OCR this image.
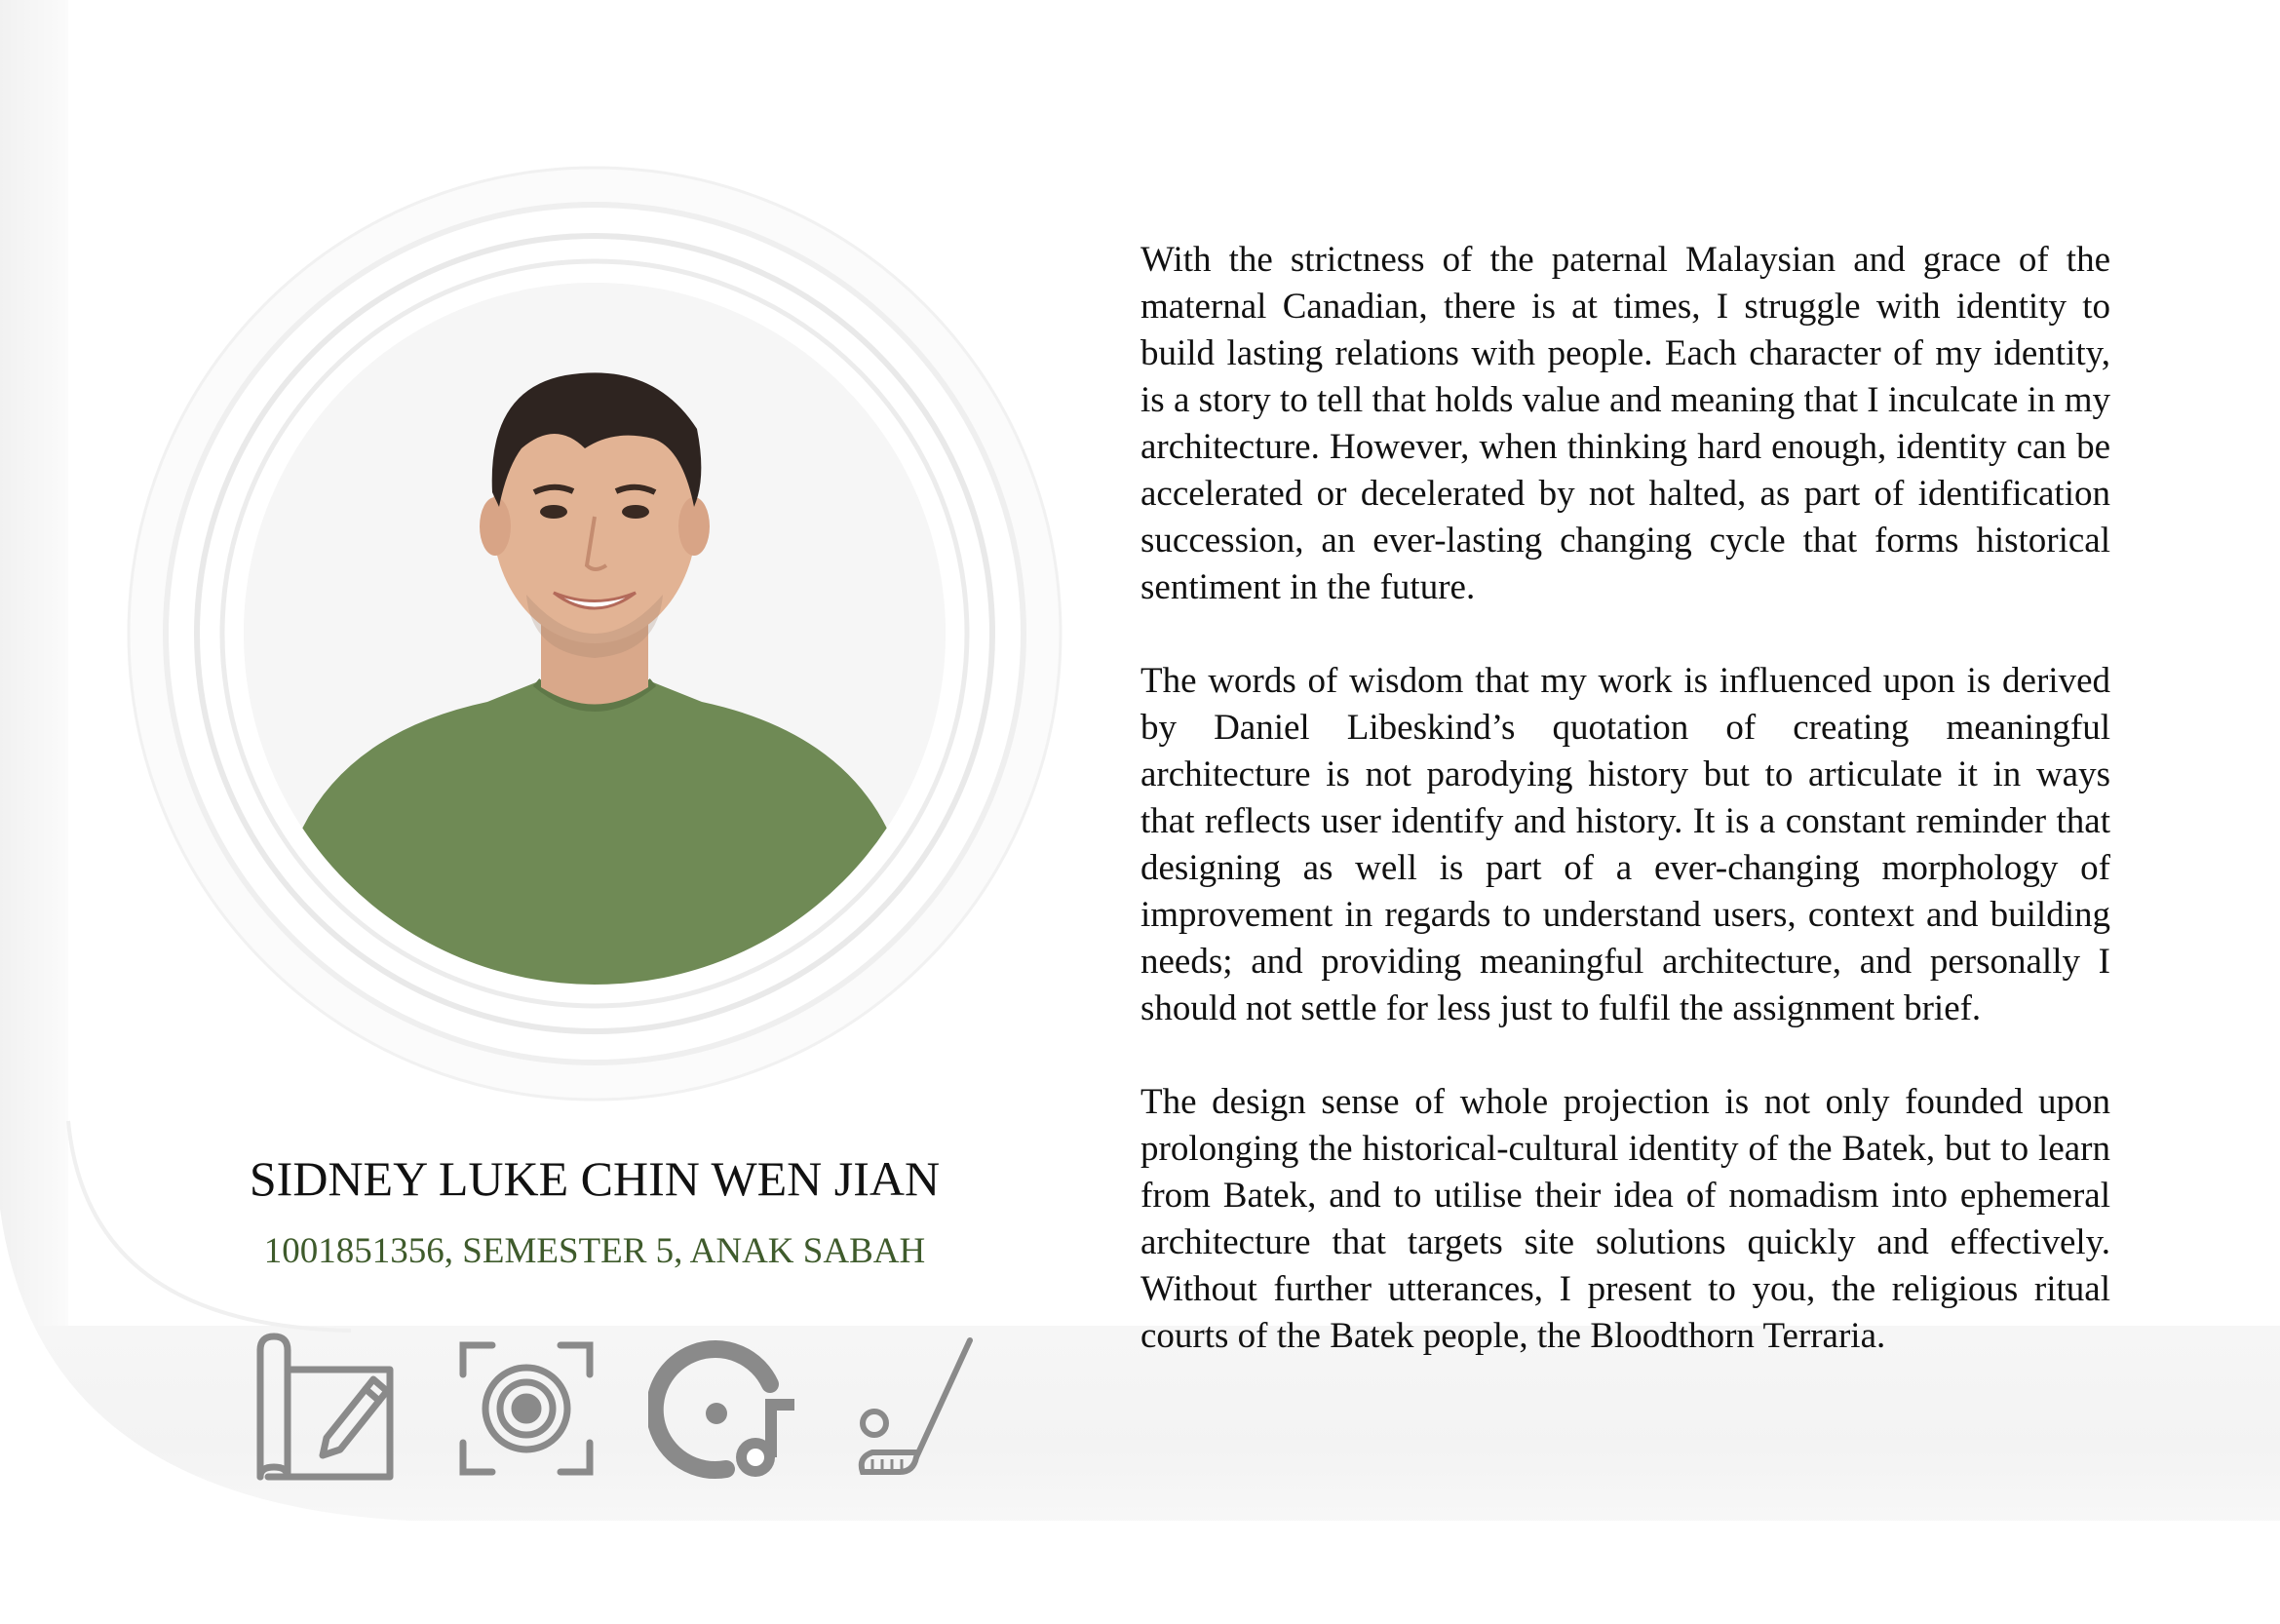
SIDNEY LUKE CHIN WEN JIAN
1001851356, SEMESTER 5, ANAK SABAH

With the strictness of the paternal Malaysian and grace of the maternal Canadian, there is at times, I struggle with identity to build lasting relations with people. Each character of my identity, is a story to tell that holds value and meaning that I inculcate in my architecture. However, when thinking hard enough, identity can be accelerated or decelerated by not halted, as part of identification succession, an ever-lasting changing cycle that forms historical sentiment in the future.

The words of wisdom that my work is influenced upon is derived by Daniel Libeskind’s quotation of creating meaningful architecture is not parodying history but to articulate it in ways that reflects user identify and history. It is a constant reminder that designing as well is part of a ever-changing morphology of improvement in regards to understand users, context and building needs; and providing meaningful architecture, and personally I should not settle for less just to fulfil the assignment brief.

The design sense of whole projection is not only founded upon prolonging the historical-cultural identity of the Batek, but to learn from Batek, and to utilise their idea of nomadism into ephemeral architecture that targets site solutions quickly and effectively. Without further utterances, I present to you, the religious ritual courts of the Batek people, the Bloodthorn Terraria.
